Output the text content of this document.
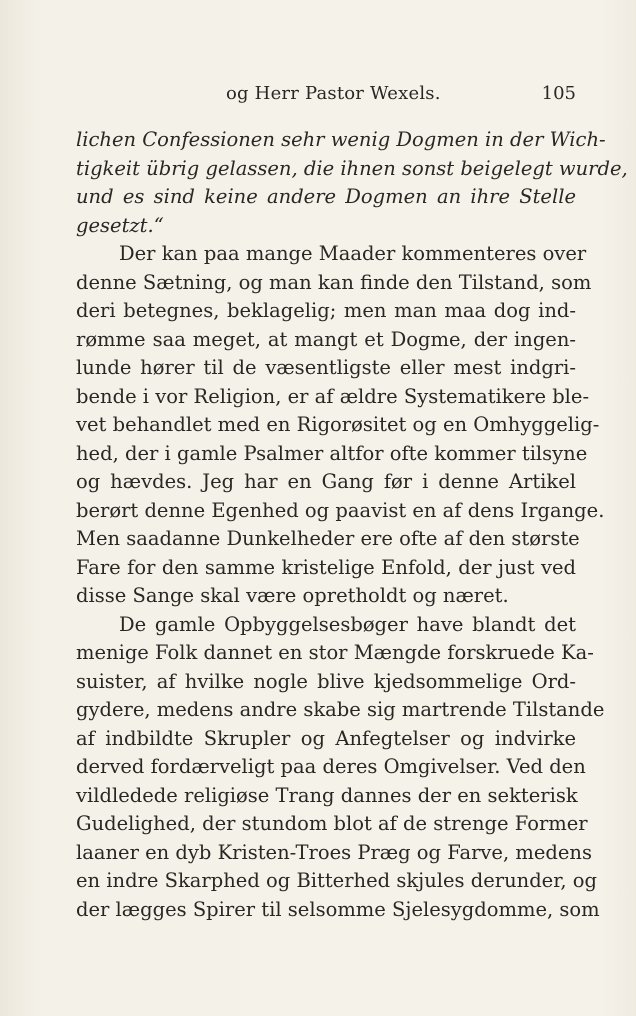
og Herr Pastor Wexels.	105
lichen Confessionen sehr wenig Dogmen in der Wich-
tigkeit übrig gelassen, die ihnen sonst beigelegt wurde,
und es sind keine andere Dogmen an ihre Stelle
gesetzt.“
Der kan paa mange Maader kommenteres over
denne Sætning, og man kan finde den Tilstand, som
deri betegnes, beklagelig; men man maa dog ind-
rømme saa meget, at mangt et Dogme, der ingen-
lunde hører til de væsentligste eller mest indgri-
bende i vor Religion, er af ældre Systematikere ble-
vet behandlet med en Rigorøsitet og en Omhyggelig-
hed, der i gamle Psalmer altfor ofte kommer tilsyne
og hævdes. Jeg har en Gang før i denne Artikel
berørt denne Egenhed og paavist en af dens Irgange.
Men saadanne Dunkelheder ere ofte af den største
Fare for den samme kristelige Enfold, der just ved
disse Sange skal være opretholdt og næret.
De gamle Opbyggelsesbøger have blandt det
menige Folk dannet en stor Mængde forskruede Ka-
suister, af hvilke nogle blive kjedsommelige Ord-
gydere, medens andre skabe sig martrende Tilstande
af indbildte Skrupler og Anfegtelser og indvirke
derved fordærveligt paa deres Omgivelser. Ved den
vildledede religiøse Trang dannes der en sekterisk
Gudelighed, der stundom blot af de strenge Former
laaner en dyb Kristen-Troes Præg og Farve, medens
en indre Skarphed og Bitterhed skjules derunder, og
der lægges Spirer til selsomme Sjelesygdomme, som
